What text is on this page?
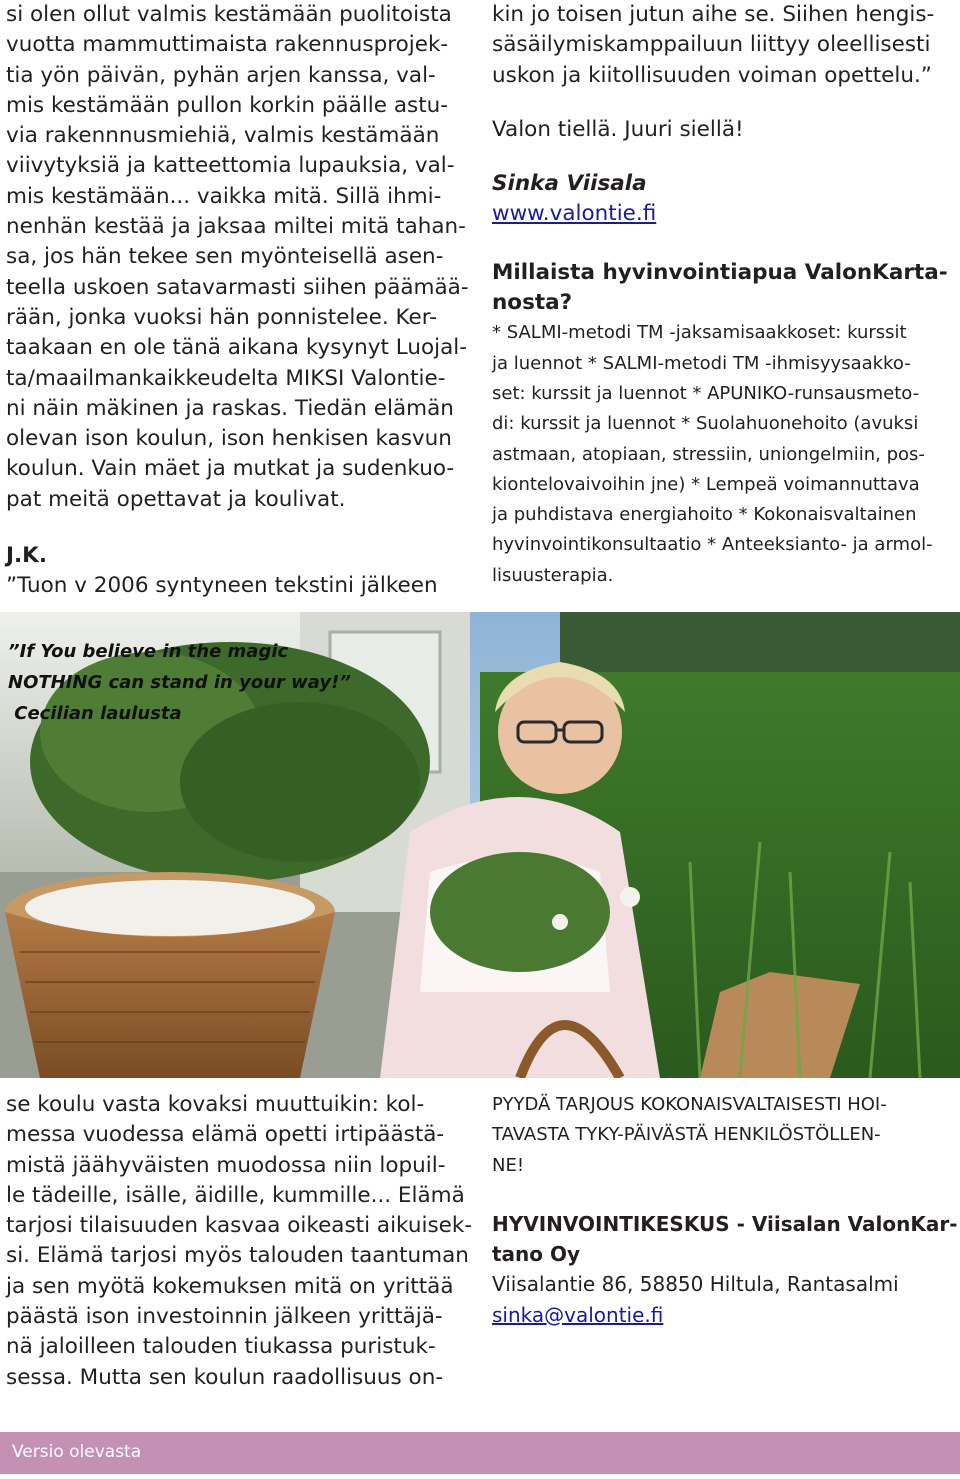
si olen ollut valmis kestämään puolitoista
vuotta mammuttimaista rakennusprojek-
tia yön päivän, pyhän arjen kanssa, val-
mis kestämään pullon korkin päälle astu-
via rakennnusmiehiä, valmis kestämään
viivytyksiä ja katteettomia lupauksia, val-
mis kestämään... vaikka mitä. Sillä ihmi-
nenhän kestää ja jaksaa miltei mitä tahan-
sa, jos hän tekee sen myönteisellä asen-
teella uskoen satavarmasti siihen päämää-
rään, jonka vuoksi hän ponnistelee. Ker-
taakaan en ole tänä aikana kysynyt Luojal-
ta/maailmankaikkeudelta MIKSI Valontie-
ni näin mäkinen ja raskas. Tiedän elämän
olevan ison koulun, ison henkisen kasvun
koulun. Vain mäet ja mutkat ja sudenkuo-
pat meitä opettavat ja koulivat.

J.K.

”Tuon v 2006 syntyneen tekstini jälkeen

kin jo toisen jutun aihe se. Siihen hengis-
säsäilymiskamppailuun liittyy oleellisesti
uskon ja kiitollisuuden voiman opettelu.”

Valon tiellä. Juuri siellä!

Sinka Viisala

www.valontie.fi

Millaista hyvinvointiapua ValonKarta-
nosta?

* SALMI-metodi TM -jaksamisaakkoset: kurssit
ja luennot * SALMI-metodi TM -ihmisyysaakko-
set: kurssit ja luennot * APUNIKO-runsausmeto-
di: kurssit ja luennot * Suolahuonehoito (avuksi
astmaan, atopiaan, stressiin, uniongelmiin, pos-
kiontelovaivoihin jne) * Lempeä voimannuttava
ja puhdistava energiahoito * Kokonaisvaltainen
hyvinvointikonsultaatio * Anteeksianto- ja armol-
lisuusterapia.

”If You believe in the magic
NOTHING can stand in your way!”
Cecilian laulusta

se koulu vasta kovaksi muuttuikin: kol-
messa vuodessa elämä opetti irtipäästä-
mistä jäähyväisten muodossa niin lopuil-
le tädeille, isälle, äidille, kummille... Elämä
tarjosi tilaisuuden kasvaa oikeasti aikuisek-
si. Elämä tarjosi myös talouden taantuman
ja sen myötä kokemuksen mitä on yrittää
päästä ison investoinnin jälkeen yrittäjä-
nä jaloilleen talouden tiukassa puristuk-
sessa. Mutta sen koulun raadollisuus on-

PYYDÄ TARJOUS KOKONAISVALTAISESTI HOI-
TAVASTA TYKY-PÄIVÄSTÄ HENKILÖSTÖLLEN-
NE!

HYVINVOINTIKESKUS - Viisalan ValonKar-
tano Oy

Viisalantie 86, 58850 Hiltula, Rantasalmi

sinka@valontie.fi

Versio olevasta
